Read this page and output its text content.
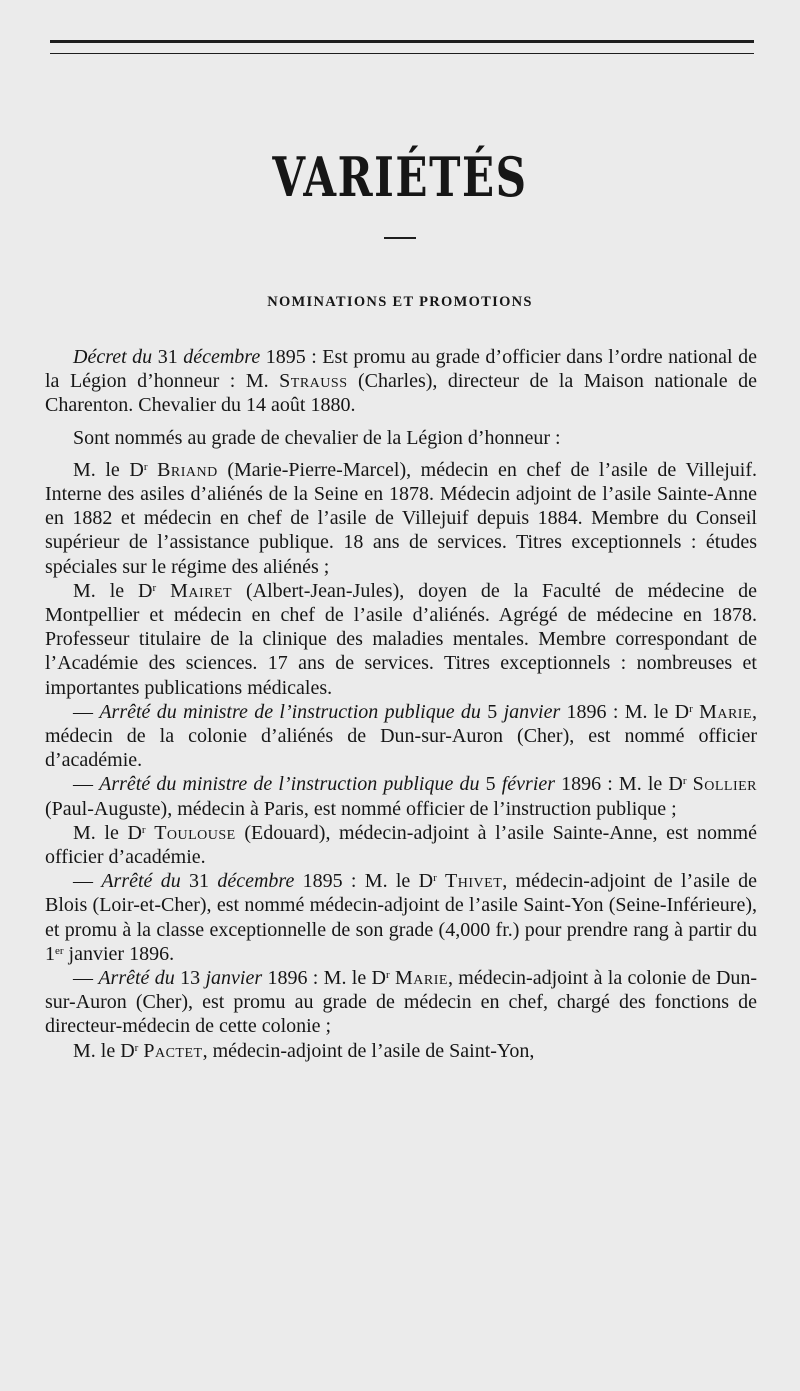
VARIÉTÉS
NOMINATIONS ET PROMOTIONS

Décret du 31 décembre 1895 : Est promu au grade d’officier dans l’ordre national de la Légion d’honneur : M. Strauss (Charles), directeur de la Maison nationale de Charenton. Chevalier du 14 août 1880.

Sont nommés au grade de chevalier de la Légion d’honneur :

M. le $D^r$ Briand (Marie-Pierre-Marcel), médecin en chef de l’asile de Villejuif. Interne des asiles d’aliénés de la Seine en 1878. Médecin adjoint de l’asile Sainte-Anne en 1882 et médecin en chef de l’asile de Villejuif depuis 1884. Membre du Conseil supérieur de l’assistance publique. 18 ans de services. Titres exceptionnels : études spéciales sur le régime des aliénés ;

M. le $D^r$ Mairet (Albert-Jean-Jules), doyen de la Faculté de médecine de Montpellier et médecin en chef de l’asile d’aliénés. Agrégé de médecine en 1878. Professeur titulaire de la clinique des maladies mentales. Membre correspondant de l’Académie des sciences. 17 ans de services. Titres exceptionnels : nombreuses et importantes publications médicales.

— Arrêté du ministre de l’instruction publique du 5 janvier 1896 : M. le $D^r$ Marie, médecin de la colonie d’aliénés de Dun-sur-Auron (Cher), est nommé officier d’académie.

— Arrêté du ministre de l’instruction publique du 5 février 1896 : M. le $D^r$ Sollier (Paul-Auguste), médecin à Paris, est nommé officier de l’instruction publique ;

M. le $D^r$ Toulouse (Edouard), médecin-adjoint à l’asile Sainte-Anne, est nommé officier d’académie.

— Arrêté du 31 décembre 1895 : M. le $D^r$ Thivet, médecin-adjoint de l’asile de Blois (Loir-et-Cher), est nommé médecin-adjoint de l’asile Saint-Yon (Seine-Inférieure), et promu à la classe exceptionnelle de son grade (4,000 fr.) pour prendre rang à partir du 1er janvier 1896.

— Arrêté du 13 janvier 1896 : M. le $D^r$ Marie, médecin-adjoint à la colonie de Dun-sur-Auron (Cher), est promu au grade de médecin en chef, chargé des fonctions de directeur-médecin de cette colonie ;

M. le $D^r$ Pactet, médecin-adjoint de l’asile de Saint-Yon,
